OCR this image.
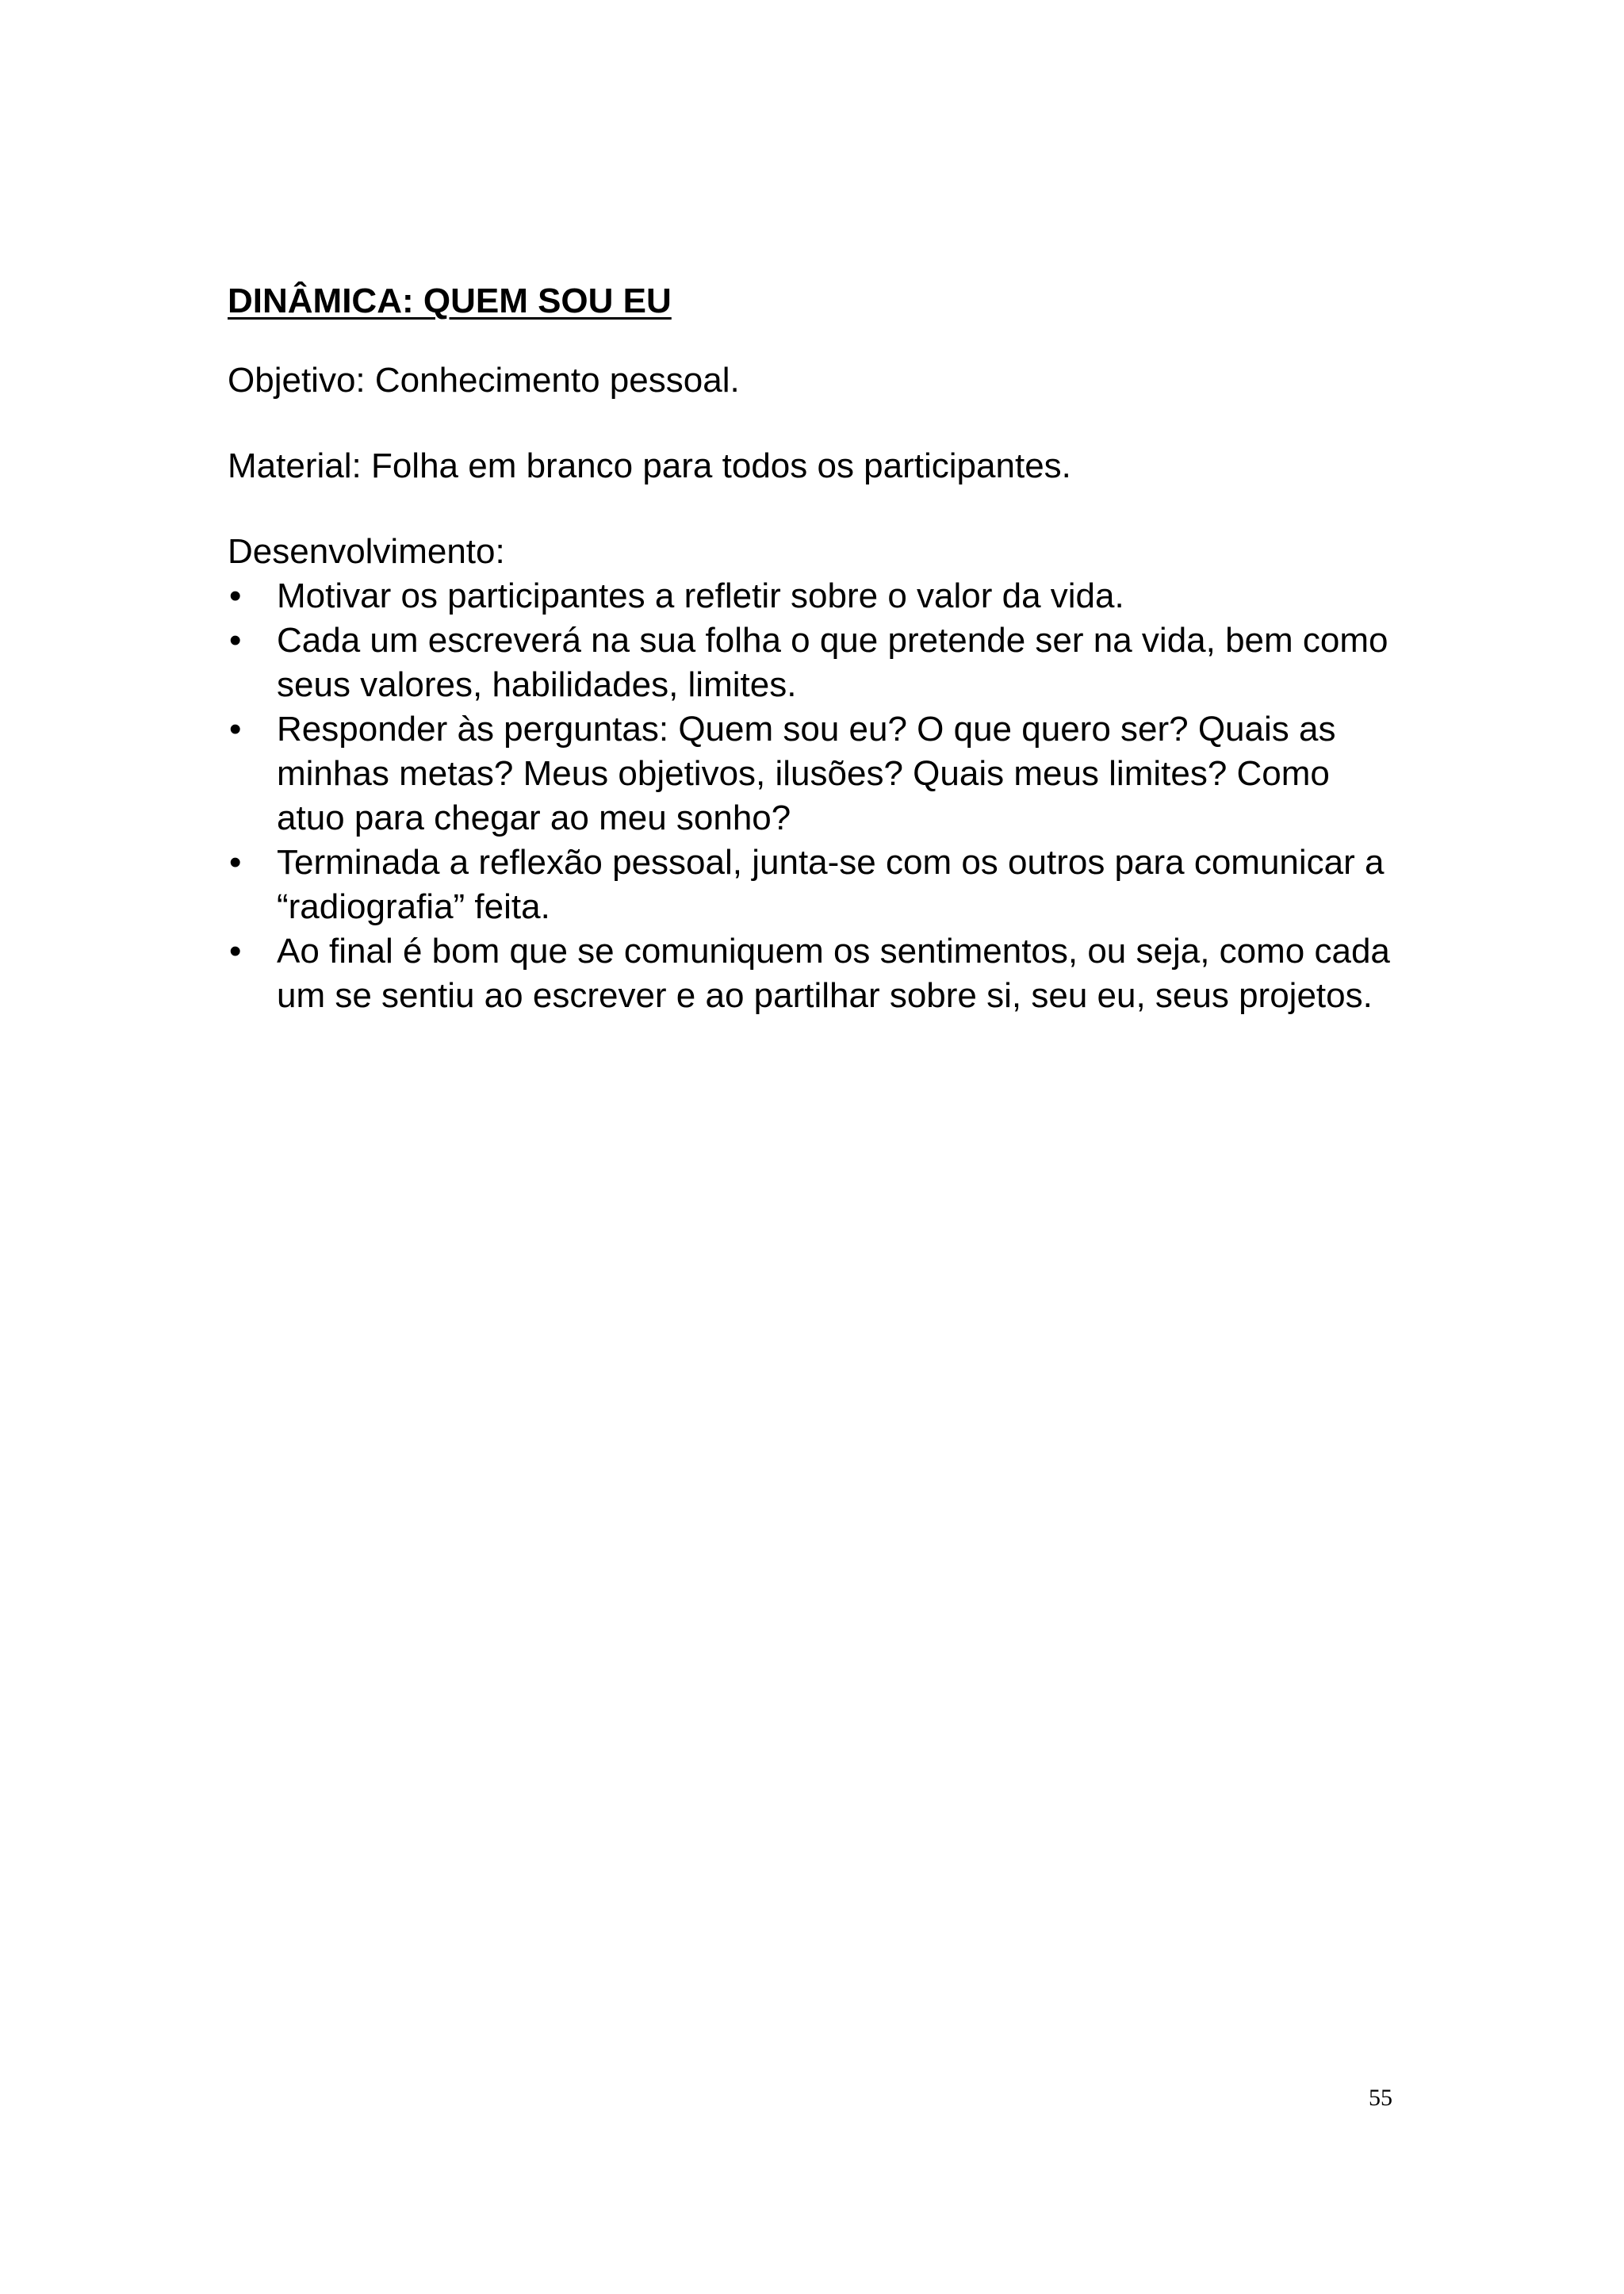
DINÂMICA: QUEM SOU EU

Objetivo: Conhecimento pessoal.

Material: Folha em branco para todos os participantes.

Desenvolvimento:

• Motivar os participantes a refletir sobre o valor da vida.
• Cada um escreverá na sua folha o que pretende ser na vida, bem como seus valores, habilidades, limites.
• Responder às perguntas: Quem sou eu? O que quero ser? Quais as minhas metas? Meus objetivos, ilusões? Quais meus limites? Como atuo para chegar ao meu sonho?
• Terminada a reflexão pessoal, junta-se com os outros para comunicar a “radiografia” feita.
• Ao final é bom que se comuniquem os sentimentos, ou seja, como cada um se sentiu ao escrever e ao partilhar sobre si, seu eu, seus projetos.
55
